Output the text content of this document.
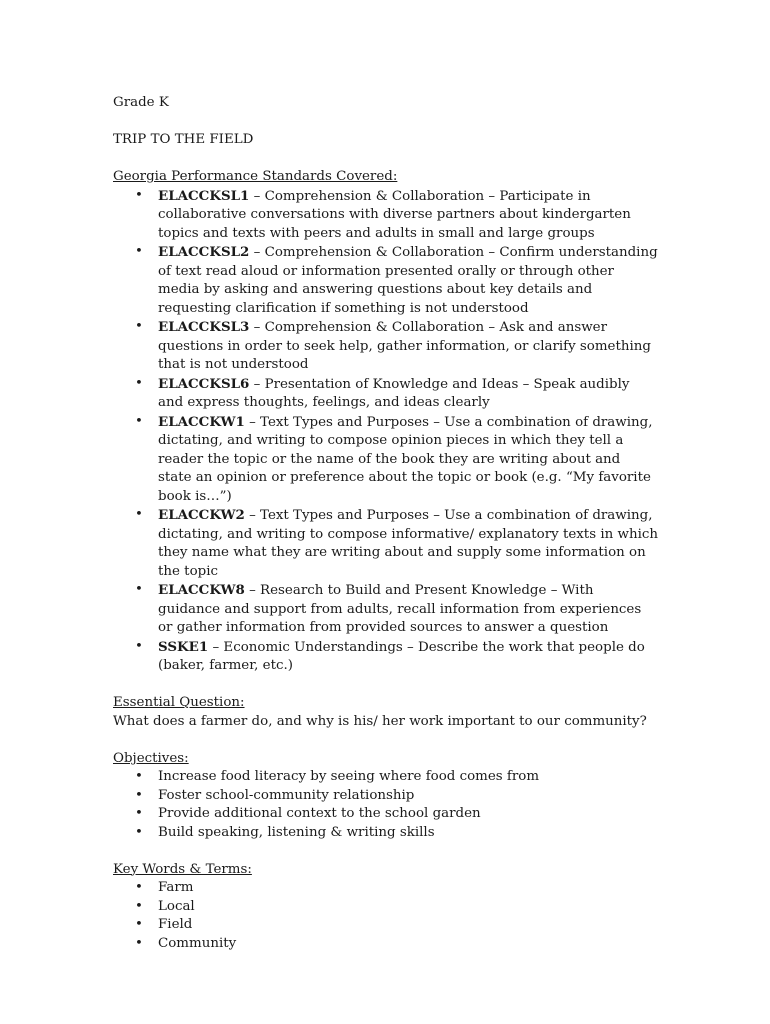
Grade K

TRIP TO THE FIELD

Georgia Performance Standards Covered:

• ELACCKSL1 – Comprehension & Collaboration – Participate in collaborative conversations with diverse partners about kindergarten topics and texts with peers and adults in small and large groups
• ELACCKSL2 – Comprehension & Collaboration – Confirm understanding of text read aloud or information presented orally or through other media by asking and answering questions about key details and requesting clarification if something is not understood
• ELACCKSL3 – Comprehension & Collaboration – Ask and answer questions in order to seek help, gather information, or clarify something that is not understood
• ELACCKSL6 – Presentation of Knowledge and Ideas – Speak audibly and express thoughts, feelings, and ideas clearly
• ELACCKW1 – Text Types and Purposes – Use a combination of drawing, dictating, and writing to compose opinion pieces in which they tell a reader the topic or the name of the book they are writing about and state an opinion or preference about the topic or book (e.g. “My favorite book is…”)
• ELACCKW2 – Text Types and Purposes – Use a combination of drawing, dictating, and writing to compose informative/ explanatory texts in which they name what they are writing about and supply some information on the topic
• ELACCKW8 – Research to Build and Present Knowledge – With guidance and support from adults, recall information from experiences or gather information from provided sources to answer a question
• SSKE1 – Economic Understandings – Describe the work that people do (baker, farmer, etc.)

Essential Question:

What does a farmer do, and why is his/ her work important to our community?

Objectives:

• Increase food literacy by seeing where food comes from
• Foster school-community relationship
• Provide additional context to the school garden
• Build speaking, listening & writing skills

Key Words & Terms:

• Farm
• Local
• Field
• Community
